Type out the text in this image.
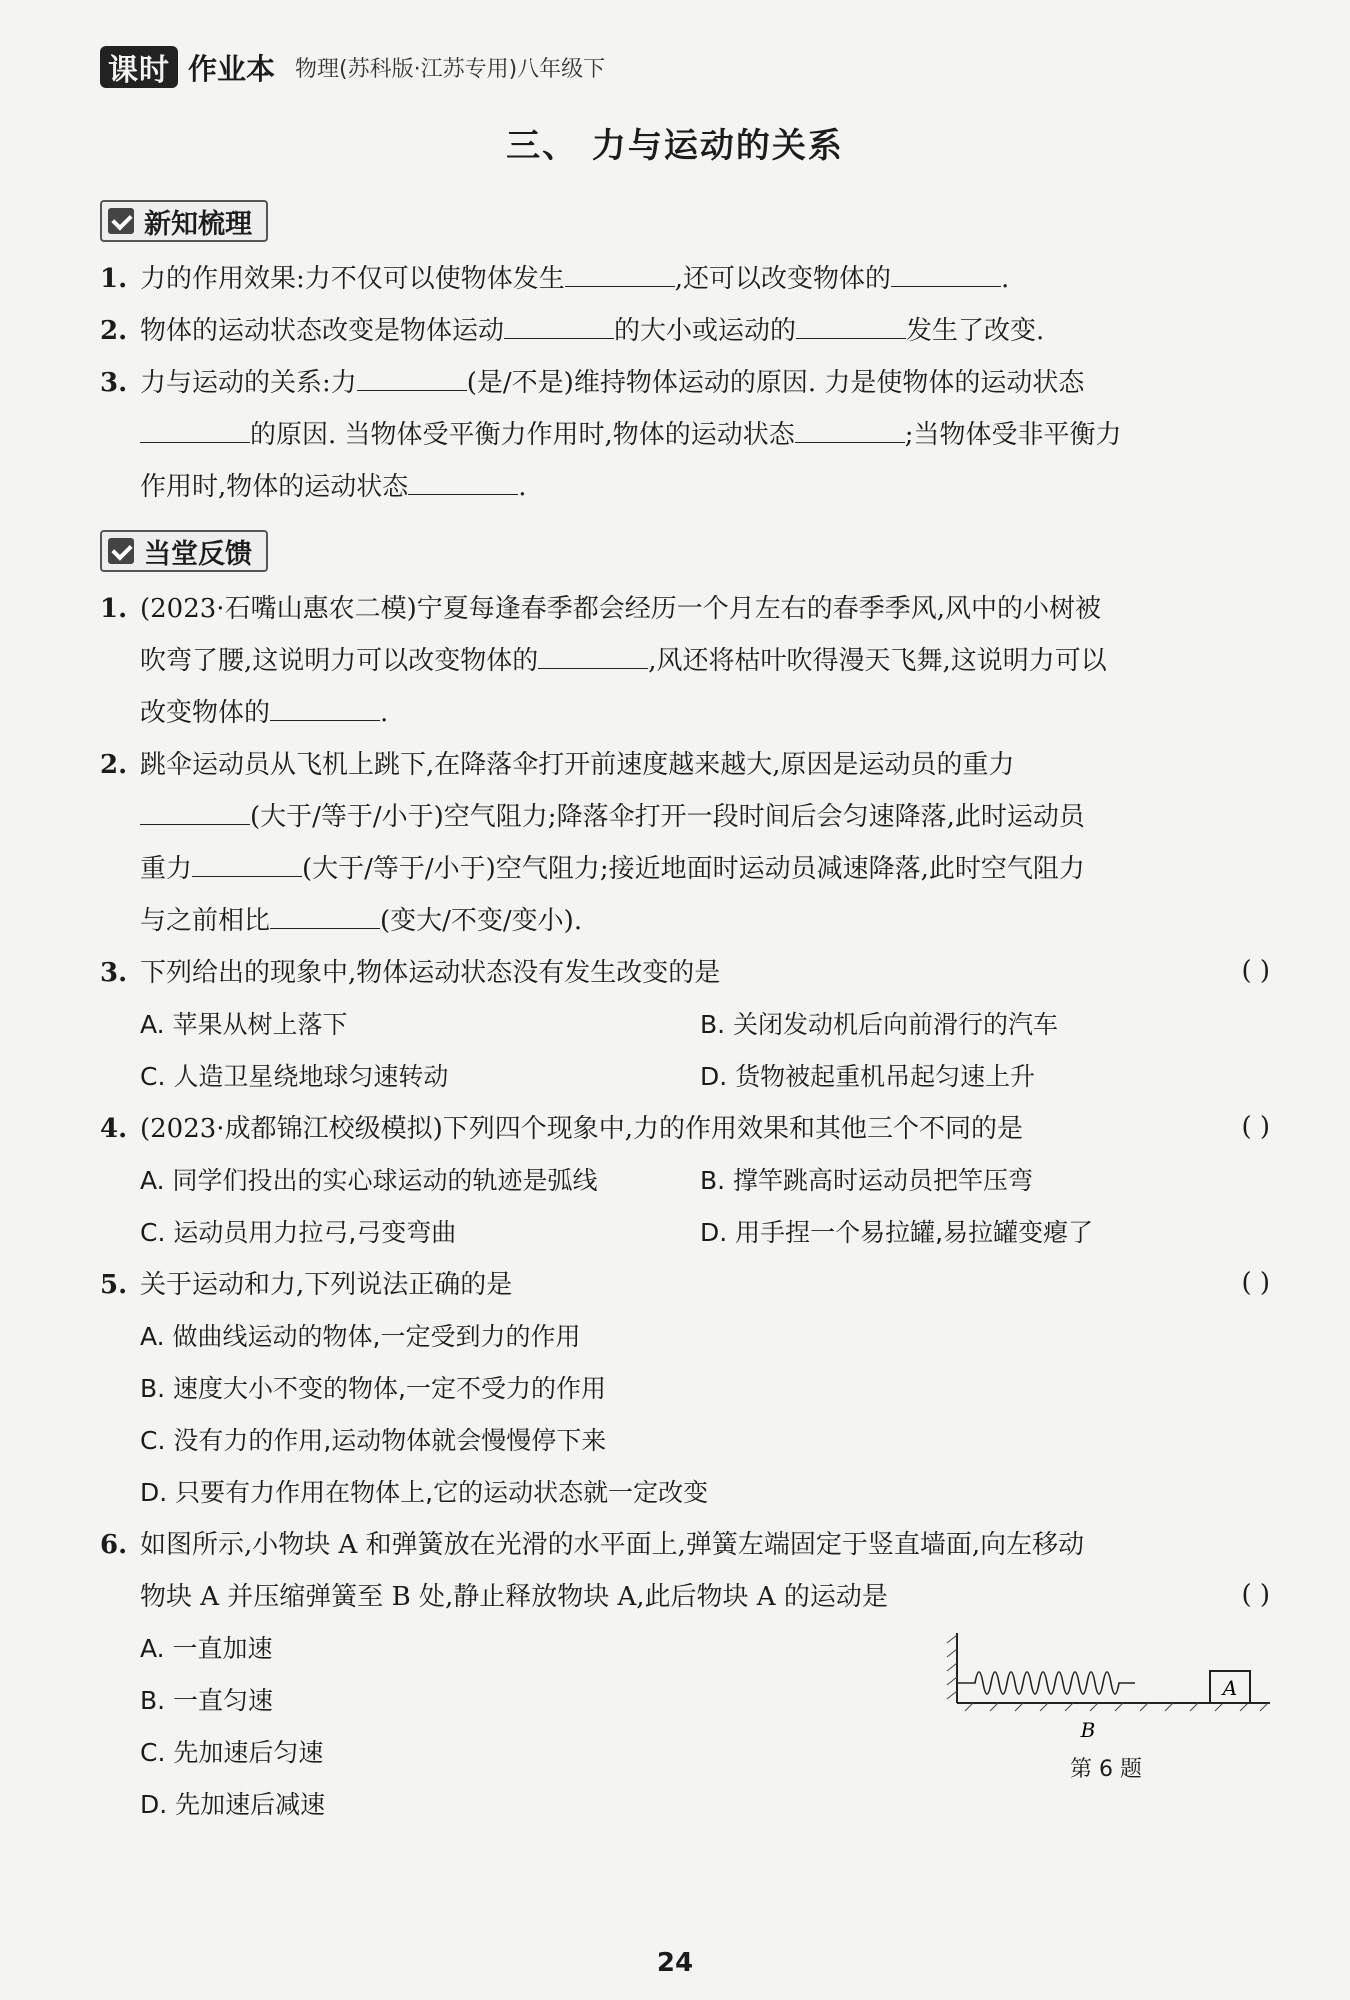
课时 作业本 物理(苏科版·江苏专用)八年级下
三、 力与运动的关系
新知梳理
1. 力的作用效果:力不仅可以使物体发生	,还可以改变物体的	.
2. 物体的运动状态改变是物体运动	的大小或运动的	发生了改变.
3. 力与运动的关系:力	(是/不是)维持物体运动的原因. 力是使物体的运动状态
的原因. 当物体受平衡力作用时,物体的运动状态	;当物体受非平衡力
作用时,物体的运动状态	.
当堂反馈
1. (2023·石嘴山惠农二模)宁夏每逢春季都会经历一个月左右的春季季风,风中的小树被
吹弯了腰,这说明力可以改变物体的	,风还将枯叶吹得漫天飞舞,这说明力可以
改变物体的	.
2. 跳伞运动员从飞机上跳下,在降落伞打开前速度越来越大,原因是运动员的重力
(大于/等于/小于)空气阻力;降落伞打开一段时间后会匀速降落,此时运动员
重力	(大于/等于/小于)空气阻力;接近地面时运动员减速降落,此时空气阻力
与之前相比	(变大/不变/变小).
3. 下列给出的现象中,物体运动状态没有发生改变的是	( )
A. 苹果从树上落下	B. 关闭发动机后向前滑行的汽车
C. 人造卫星绕地球匀速转动	D. 货物被起重机吊起匀速上升
4. (2023·成都锦江校级模拟)下列四个现象中,力的作用效果和其他三个不同的是	( )
A. 同学们投出的实心球运动的轨迹是弧线	B. 撑竿跳高时运动员把竿压弯
C. 运动员用力拉弓,弓变弯曲	D. 用手捏一个易拉罐,易拉罐变瘪了
5. 关于运动和力,下列说法正确的是	( )
A. 做曲线运动的物体,一定受到力的作用
B. 速度大小不变的物体,一定不受力的作用
C. 没有力的作用,运动物体就会慢慢停下来
D. 只要有力作用在物体上,它的运动状态就一定改变
6. 如图所示,小物块 A 和弹簧放在光滑的水平面上,弹簧左端固定于竖直墙面,向左移动
物块 A 并压缩弹簧至 B 处,静止释放物块 A,此后物块 A 的运动是	( )
A. 一直加速
B. 一直匀速
C. 先加速后匀速
D. 先加速后减速
A
B
第 6 题
24
